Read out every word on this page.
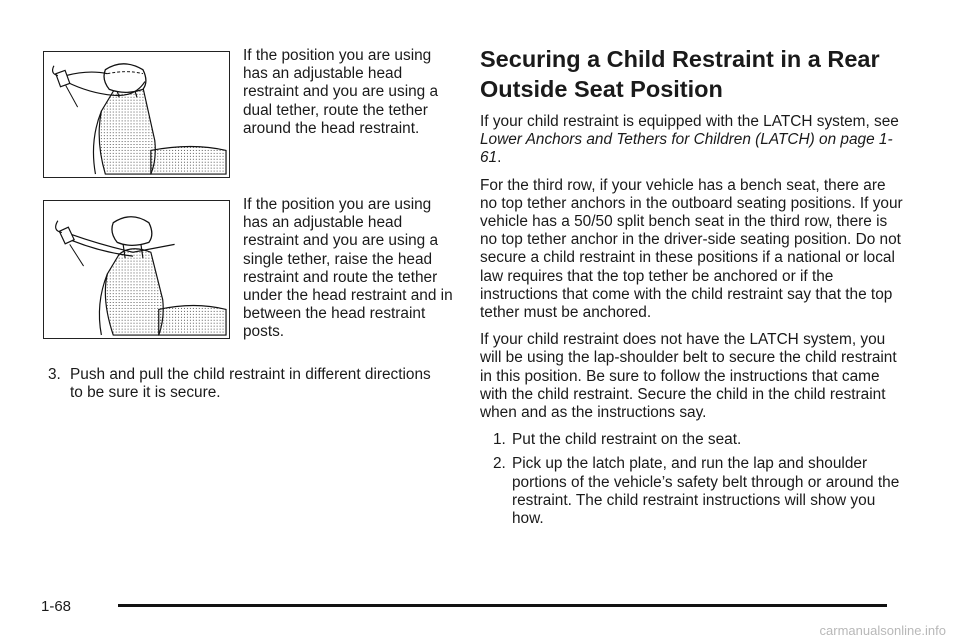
If the position you are using has an adjustable head restraint and you are using a dual tether, route the tether around the head restraint.

If the position you are using has an adjustable head restraint and you are using a single tether, raise the head restraint and route the tether under the head restraint and in between the head restraint posts.

3. Push and pull the child restraint in different directions to be sure it is secure.
Securing a Child Restraint in a Rear Outside Seat Position

If your child restraint is equipped with the LATCH system, see Lower Anchors and Tethers for Children (LATCH) on page 1-61.

For the third row, if your vehicle has a bench seat, there are no top tether anchors in the outboard seating positions. If your vehicle has a 50/50 split bench seat in the third row, there is no top tether anchor in the driver-side seating position. Do not secure a child restraint in these positions if a national or local law requires that the top tether be anchored or if the instructions that come with the child restraint say that the top tether must be anchored.

If your child restraint does not have the LATCH system, you will be using the lap-shoulder belt to secure the child restraint in this position. Be sure to follow the instructions that came with the child restraint. Secure the child in the child restraint when and as the instructions say.

1. Put the child restraint on the seat.
2. Pick up the latch plate, and run the lap and shoulder portions of the vehicle’s safety belt through or around the restraint. The child restraint instructions will show you how.
1-68
carmanualsonline.info
